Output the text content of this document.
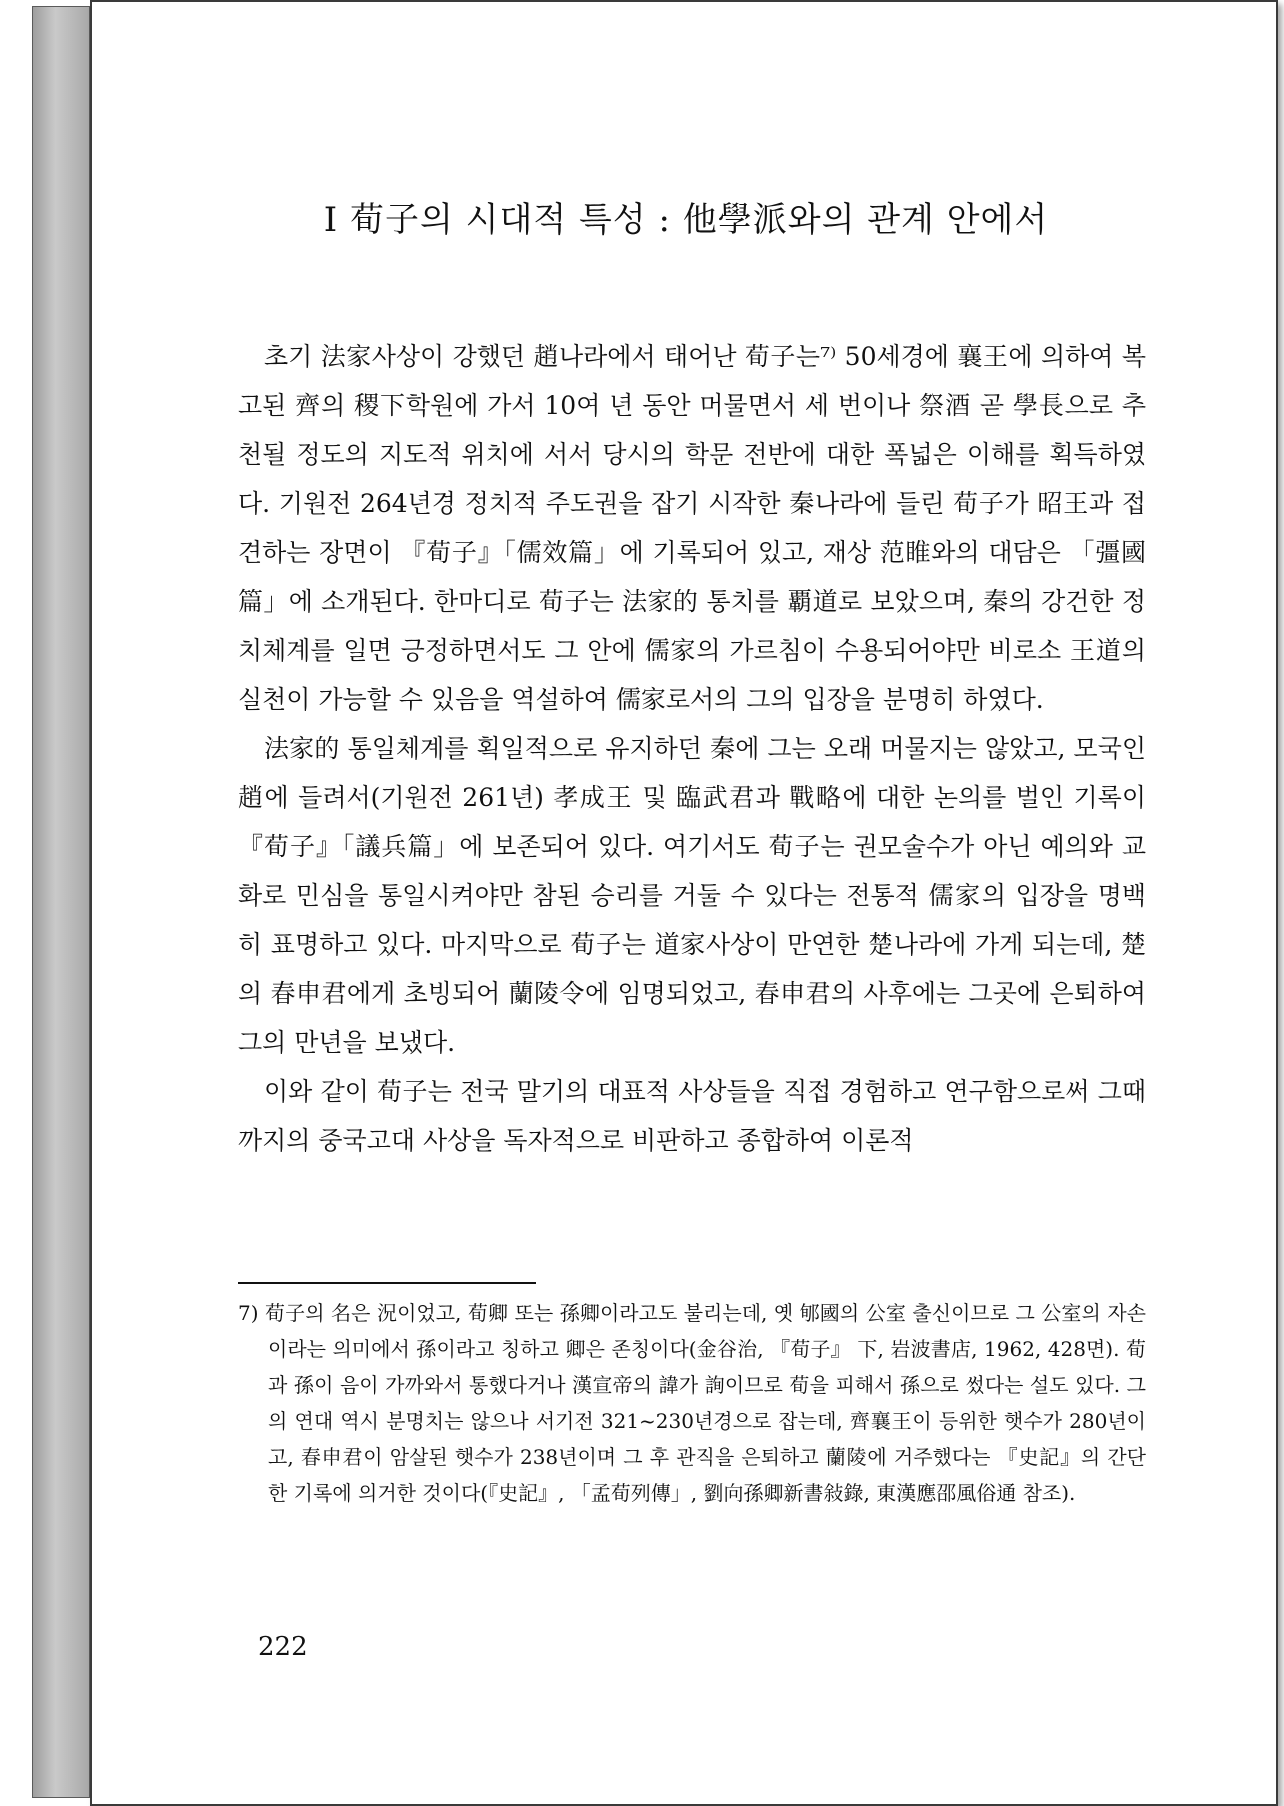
I 荀子의 시대적 특성 : 他學派와의 관계 안에서

초기 法家사상이 강했던 趙나라에서 태어난 荀子는⁷⁾ 50세경에 襄王에 의하여 복고된 齊의 稷下학원에 가서 10여 년 동안 머물면서 세 번이나 祭酒 곧 學長으로 추천될 정도의 지도적 위치에 서서 당시의 학문 전반에 대한 폭넓은 이해를 획득하였다. 기원전 264년경 정치적 주도권을 잡기 시작한 秦나라에 들린 荀子가 昭王과 접견하는 장면이 『荀子』「儒效篇」에 기록되어 있고, 재상 范睢와의 대담은 「彊國篇」에 소개된다. 한마디로 荀子는 法家的 통치를 覇道로 보았으며, 秦의 강건한 정치체계를 일면 긍정하면서도 그 안에 儒家의 가르침이 수용되어야만 비로소 王道의 실천이 가능할 수 있음을 역설하여 儒家로서의 그의 입장을 분명히 하였다.

法家的 통일체계를 획일적으로 유지하던 秦에 그는 오래 머물지는 않았고, 모국인 趙에 들려서(기원전 261년) 孝成王 및 臨武君과 戰略에 대한 논의를 벌인 기록이 『荀子』「議兵篇」에 보존되어 있다. 여기서도 荀子는 권모술수가 아닌 예의와 교화로 민심을 통일시켜야만 참된 승리를 거둘 수 있다는 전통적 儒家의 입장을 명백히 표명하고 있다. 마지막으로 荀子는 道家사상이 만연한 楚나라에 가게 되는데, 楚의 春申君에게 초빙되어 蘭陵令에 임명되었고, 春申君의 사후에는 그곳에 은퇴하여 그의 만년을 보냈다.

이와 같이 荀子는 전국 말기의 대표적 사상들을 직접 경험하고 연구함으로써 그때까지의 중국고대 사상을 독자적으로 비판하고 종합하여 이론적

7) 荀子의 名은 況이었고, 荀卿 또는 孫卿이라고도 불리는데, 옛 郇國의 公室 출신이므로 그 公室의 자손이라는 의미에서 孫이라고 칭하고 卿은 존칭이다(金谷治, 『荀子』 下, 岩波書店, 1962, 428면). 荀과 孫이 음이 가까와서 통했다거나 漢宣帝의 諱가 詢이므로 荀을 피해서 孫으로 썼다는 설도 있다. 그의 연대 역시 분명치는 않으나 서기전 321~230년경으로 잡는데, 齊襄王이 등위한 햇수가 280년이고, 春申君이 암살된 햇수가 238년이며 그 후 관직을 은퇴하고 蘭陵에 거주했다는 『史記』의 간단한 기록에 의거한 것이다(『史記』, 「孟荀列傳」, 劉向孫卿新書敍錄, 東漢應邵風俗通 참조).
222
